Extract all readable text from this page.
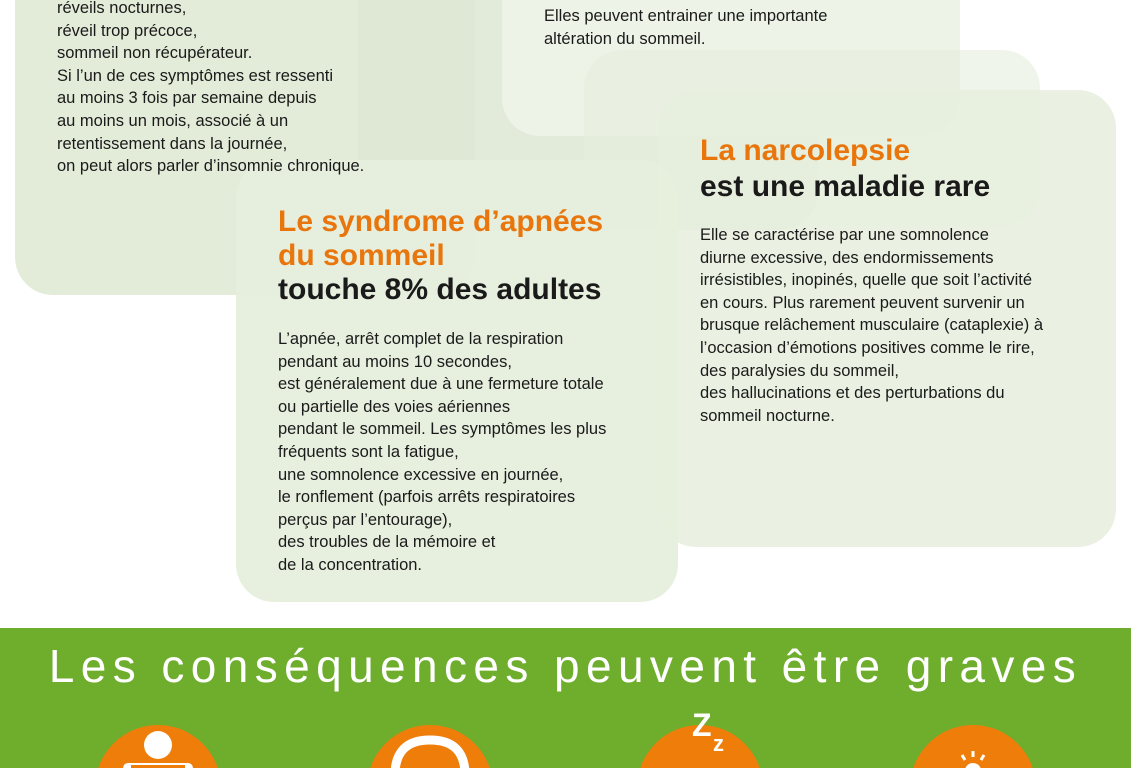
réveils nocturnes,
réveil trop précoce,
sommeil non récupérateur.
Si l’un de ces symptômes est ressenti
au moins 3 fois par semaine depuis
au moins un mois, associé à un
retentissement dans la journée,
on peut alors parler d’insomnie chronique.

Elles peuvent entrainer une importante
altération du sommeil.

Le syndrome d’apnées
du sommeil
touche 8% des adultes

L’apnée, arrêt complet de la respiration
pendant au moins 10 secondes,
est généralement due à une fermeture totale
ou partielle des voies aériennes
pendant le sommeil. Les symptômes les plus
fréquents sont la fatigue,
une somnolence excessive en journée,
le ronflement (parfois arrêts respiratoires
perçus par l’entourage),
des troubles de la mémoire et
de la concentration.

La narcolepsie
est une maladie rare

Elle se caractérise par une somnolence
diurne excessive, des endormissements
irrésistibles, inopinés, quelle que soit l’activité
en cours. Plus rarement peuvent survenir un
brusque relâchement musculaire (cataplexie) à
l’occasion d’émotions positives comme le rire,
des paralysies du sommeil,
des hallucinations et des perturbations du
sommeil nocturne.

Les conséquences peuvent être graves
Z
z
